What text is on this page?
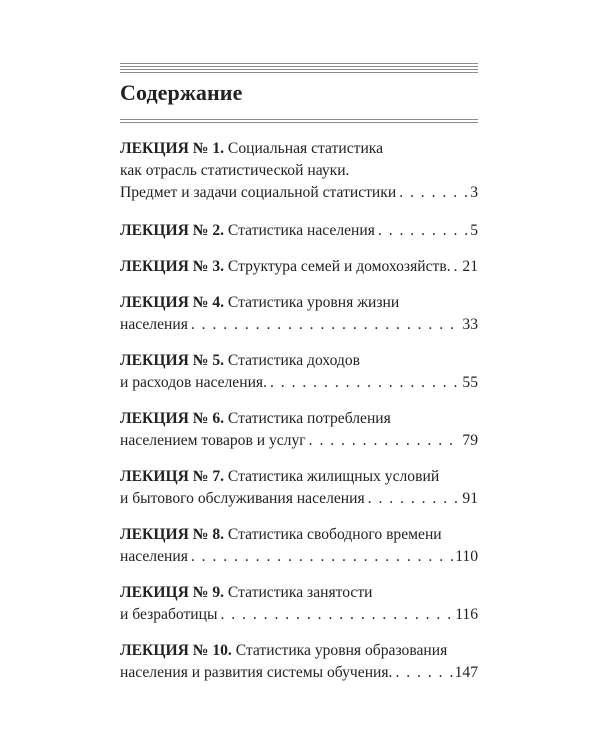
Содержание
ЛЕКЦИЯ № 1.
Социальная статистика
как отрасль статистической науки.
Предмет и задачи социальной статистики . . .	3
ЛЕКЦИЯ № 2.
Статистика населения . . .	5
ЛЕКЦИЯ № 3.
Структура семей и домохозяйств. . . . 21
ЛЕКЦИЯ № 4.
Статистика уровня жизни
населения . . .	33
ЛЕКЦИЯ № 5.
Статистика доходов
и расходов населения. . . .	55
ЛЕКЦИЯ № 6.
Статистика потребления
населением товаров и услуг . . .	79
ЛЕКИЦЯ № 7.
Статистика жилищных условий
и бытового обслуживания населения . . .	91
ЛЕКЦИЯ № 8.
Статистика свободного времени
населения . . .	110
ЛЕКИЦЯ № 9.
Статистика занятости
и безработицы . . .	116
ЛЕКЦИЯ № 10.
Статистика уровня образования
населения и развития системы обучения. . . .	147
